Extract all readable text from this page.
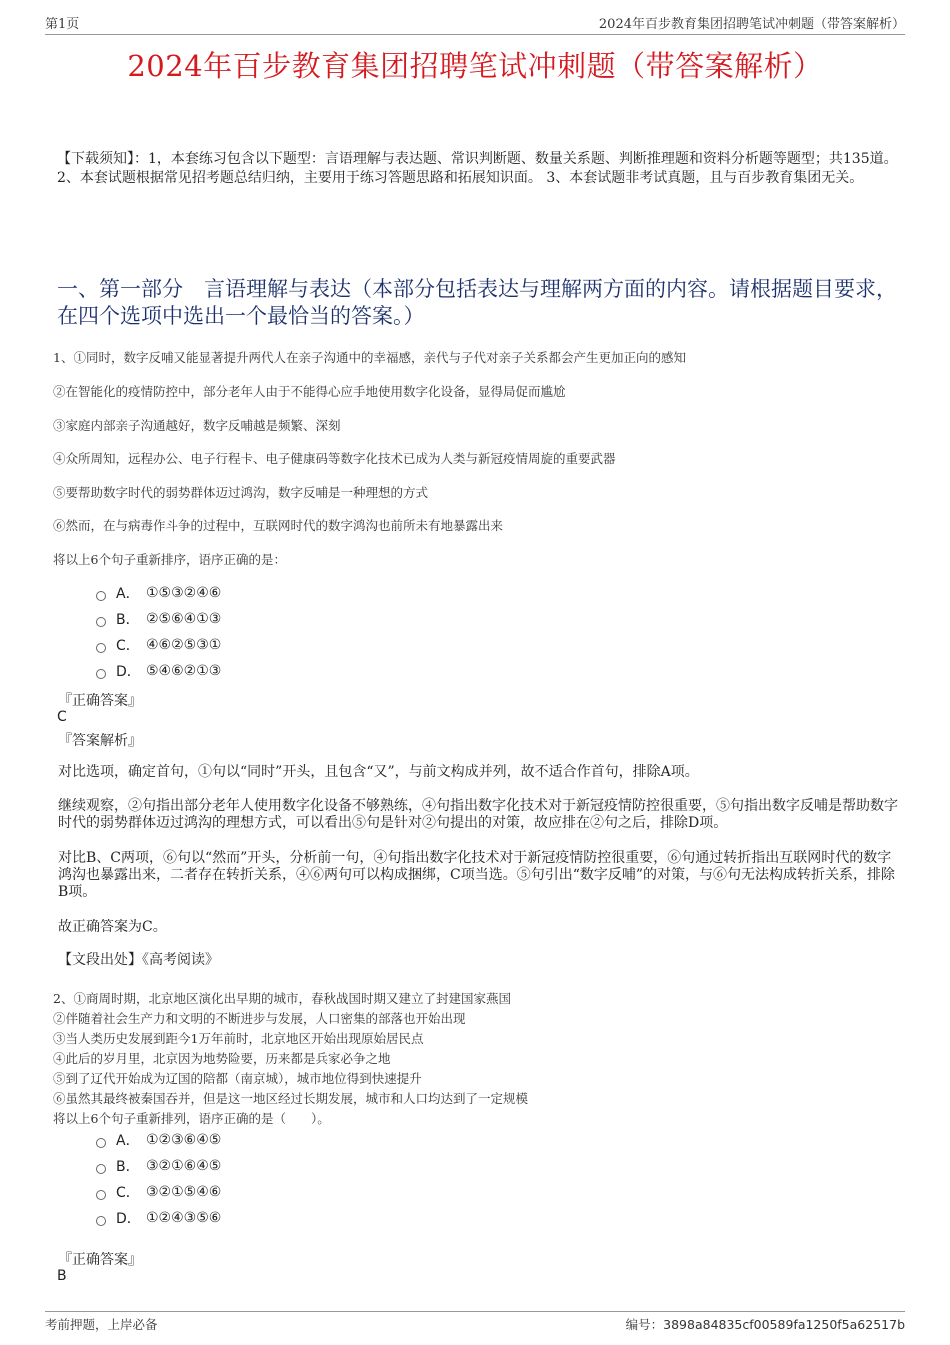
第1页	2024年百步教育集团招聘笔试冲刺题（带答案解析）
2024年百步教育集团招聘笔试冲刺题（带答案解析）
【下载须知】：1，本套练习包含以下题型：言语理解与表达题、常识判断题、数量关系题、判断推理题和资料分析题等题型；共135道。 2、本套试题根据常见招考题总结归纳，主要用于练习答题思路和拓展知识面。 3、本套试题非考试真题，且与百步教育集团无关。
一、第一部分　言语理解与表达（本部分包括表达与理解两方面的内容。请根据题目要求，在四个选项中选出一个最恰当的答案。）
1、①同时，数字反哺又能显著提升两代人在亲子沟通中的幸福感，亲代与子代对亲子关系都会产生更加正向的感知
②在智能化的疫情防控中，部分老年人由于不能得心应手地使用数字化设备，显得局促而尴尬
③家庭内部亲子沟通越好，数字反哺越是频繁、深刻
④众所周知，远程办公、电子行程卡、电子健康码等数字化技术已成为人类与新冠疫情周旋的重要武器
⑤要帮助数字时代的弱势群体迈过鸿沟，数字反哺是一种理想的方式
⑥然而，在与病毒作斗争的过程中，互联网时代的数字鸿沟也前所未有地暴露出来
将以上6个句子重新排序，语序正确的是：
A． ①⑤③②④⑥
B． ②⑤⑥④①③
C． ④⑥②⑤③①
D． ⑤④⑥②①③
『正确答案』
C
『答案解析』
对比选项，确定首句，①句以“同时”开头，且包含“又”，与前文构成并列，故不适合作首句，排除A项。
继续观察，②句指出部分老年人使用数字化设备不够熟练，④句指出数字化技术对于新冠疫情防控很重要，⑤句指出数字反哺是帮助数字时代的弱势群体迈过鸿沟的理想方式，可以看出⑤句是针对②句提出的对策，故应排在②句之后，排除D项。
对比B、C两项，⑥句以“然而”开头，分析前一句，④句指出数字化技术对于新冠疫情防控很重要，⑥句通过转折指出互联网时代的数字鸿沟也暴露出来，二者存在转折关系，④⑥两句可以构成捆绑，C项当选。⑤句引出“数字反哺”的对策，与⑥句无法构成转折关系，排除B项。
故正确答案为C。
【文段出处】《高考阅读》
2、①商周时期，北京地区演化出早期的城市，春秋战国时期又建立了封建国家燕国
②伴随着社会生产力和文明的不断进步与发展，人口密集的部落也开始出现
③当人类历史发展到距今1万年前时，北京地区开始出现原始居民点
④此后的岁月里，北京因为地势险要，历来都是兵家必争之地
⑤到了辽代开始成为辽国的陪都（南京城），城市地位得到快速提升
⑥虽然其最终被秦国吞并，但是这一地区经过长期发展，城市和人口均达到了一定规模
将以上6个句子重新排列，语序正确的是（　　）。
A． ①②③⑥④⑤
B． ③②①⑥④⑤
C． ③②①⑤④⑥
D． ①②④③⑤⑥
『正确答案』
B
考前押题，上岸必备	编号：3898a84835cf00589fa1250f5a62517b
